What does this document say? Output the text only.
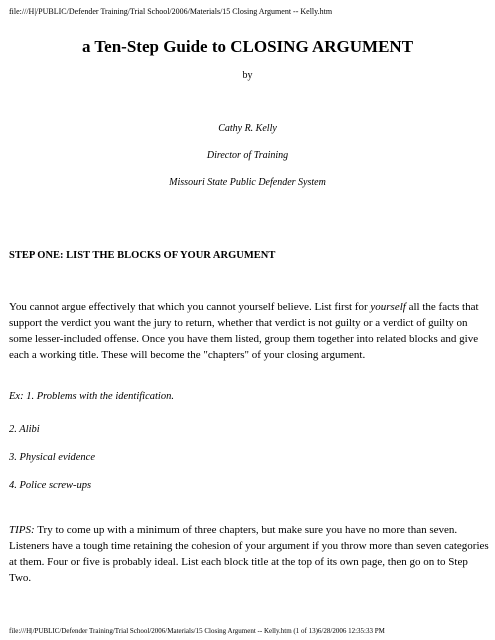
file:///H|/PUBLIC/Defender Training/Trial School/2006/Materials/15 Closing Argument -- Kelly.htm
a Ten-Step Guide to CLOSING ARGUMENT
by
Cathy R. Kelly
Director of Training
Missouri State Public Defender System
STEP ONE: LIST THE BLOCKS OF YOUR ARGUMENT

You cannot argue effectively that which you cannot yourself believe. List first for yourself all the facts that support the verdict you want the jury to return, whether that verdict is not guilty or a verdict of guilty on some lesser-included offense. Once you have them listed, group them together into related blocks and give each a working title. These will become the "chapters" of your closing argument.

Ex: 1. Problems with the identification.
2. Alibi
3. Physical evidence
4. Police screw-ups

TIPS: Try to come up with a minimum of three chapters, but make sure you have no more than seven. Listeners have a tough time retaining the cohesion of your argument if you throw more than seven categories at them. Four or five is probably ideal. List each block title at the top of its own page, then go on to Step Two.

file:///H|/PUBLIC/Defender Training/Trial School/2006/Materials/15 Closing Argument -- Kelly.htm (1 of 13)6/28/2006 12:35:33 PM
